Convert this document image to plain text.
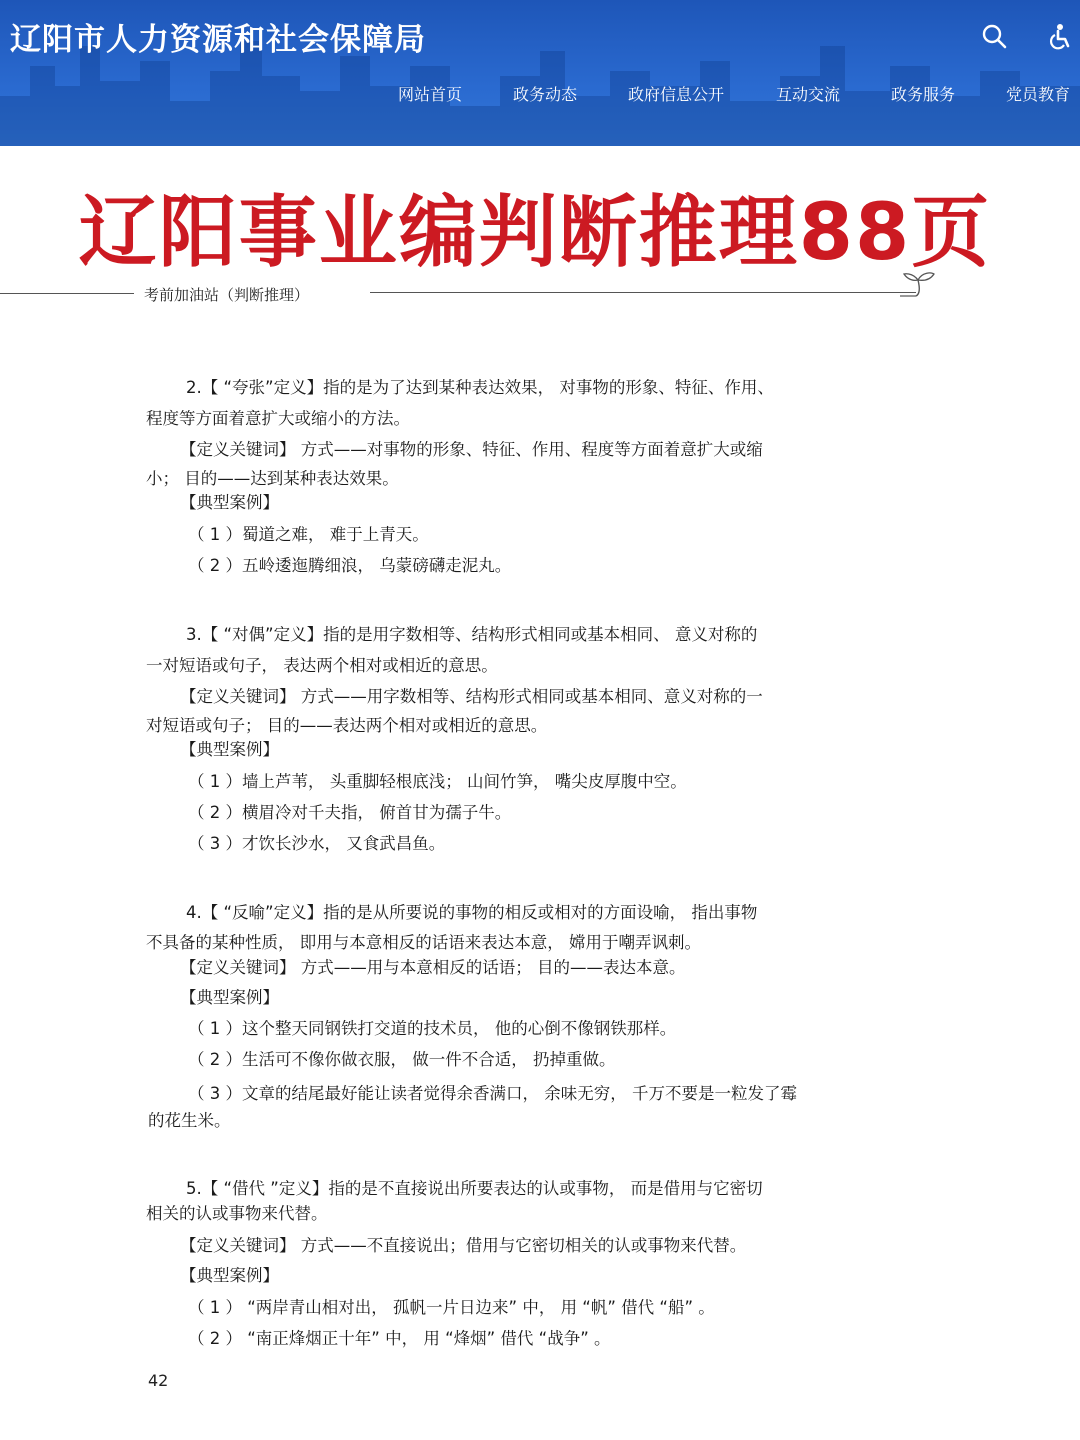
辽阳市人力资源和社会保障局
网站首页	政务动态	政府信息公开	互动交流	政务服务	党员教育
辽阳事业编判断推理88页
考前加油站（判断推理）
2.【 “夸张”定义】指的是为了达到某种表达效果， 对事物的形象、特征、作用、
程度等方面着意扩大或缩小的方法。
【定义关键词】 方式——对事物的形象、特征、作用、程度等方面着意扩大或缩
小； 目的——达到某种表达效果。
【典型案例】
（ 1 ）蜀道之难， 难于上青天。
（ 2 ）五岭逶迤腾细浪， 乌蒙磅礴走泥丸。
3.【 “对偶”定义】指的是用字数相等、结构形式相同或基本相同、 意义对称的
一对短语或句子， 表达两个相对或相近的意思。
【定义关键词】 方式——用字数相等、结构形式相同或基本相同、意义对称的一
对短语或句子； 目的——表达两个相对或相近的意思。
【典型案例】
（ 1 ）墙上芦苇， 头重脚轻根底浅； 山间竹笋， 嘴尖皮厚腹中空。
（ 2 ）横眉冷对千夫指， 俯首甘为孺子牛。
（ 3 ）才饮长沙水， 又食武昌鱼。
4.【 “反喻”定义】指的是从所要说的事物的相反或相对的方面设喻， 指出事物
不具备的某种性质， 即用与本意相反的话语来表达本意， 嫦用于嘲弄讽刺。
【定义关键词】 方式——用与本意相反的话语； 目的——表达本意。
【典型案例】
（ 1 ）这个整天同钢铁打交道的技术员， 他的心倒不像钢铁那样。
（ 2 ）生活可不像你做衣服， 做一件不合适， 扔掉重做。
（ 3 ）文章的结尾最好能让读者觉得余香满口， 余味无穷， 千万不要是一粒发了霉
的花生米。
5.【 “借代 ”定义】指的是不直接说出所要表达的认或事物， 而是借用与它密切
相关的认或事物来代替。
【定义关键词】 方式——不直接说出；借用与它密切相关的认或事物来代替。
【典型案例】
（ 1 ） “两岸青山相对出， 孤帆一片日边来” 中， 用 “帆” 借代 “船” 。
（ 2 ） “南正烽烟正十年” 中， 用 “烽烟” 借代 “战争” 。
42
